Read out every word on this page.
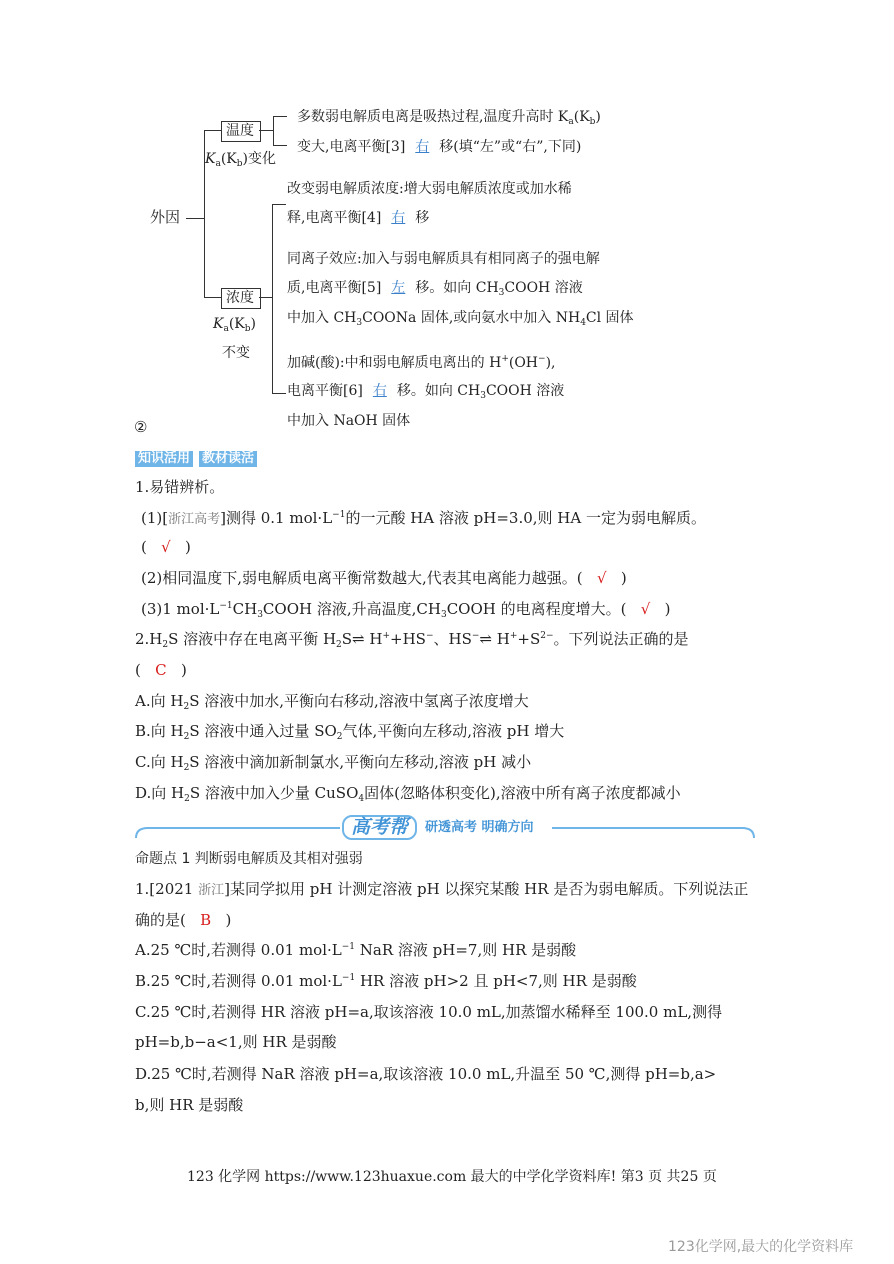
外因
温度
$K_a(K_b)$变化
多数弱电解质电离是吸热过程,温度升高时 $K_a(K_b)$
变大,电离平衡[3] 右 移(填“左”或“右”,下同)
浓度
$K_a(K_b)$
不变
改变弱电解质浓度:增大弱电解质浓度或加水稀
释,电离平衡[4] 右 移
同离子效应:加入与弱电解质具有相同离子的强电解
质,电离平衡[5] 左 移。如向 $CH_3COOH$ 溶液
中加入 $CH_3COONa$ 固体,或向氨水中加入 $NH_4Cl$ 固体
加碱(酸):中和弱电解质电离出的 H+(OH−),
电离平衡[6] 右 移。如向 $CH_3COOH$ 溶液
中加入 NaOH 固体
②
知识活用 教材读活
1.易错辨析。
(1)[浙江高考]测得 0.1 $mol\cdot L^{-1}$的一元酸 HA 溶液 pH=3.0,则 HA 一定为弱电解质。
( √ )
(2)相同温度下,弱电解质电离平衡常数越大,代表其电离能力越强。( √ )
(3)1 $mol\cdot L^{-1}CH_3COOH$ 溶液,升高温度$,CH_3COOH$ 的电离程度增大。( √ )
$2.H_2S$ 溶液中存在电离平衡 $H_2S\rightleftharpoons$ H++HS−、HS−⇌ $H^++S^{2-}$。下列说法正确的是
( C )
A.向 $H_2S$ 溶液中加水,平衡向右移动,溶液中氢离子浓度增大
B.向 $H_2S$ 溶液中通入过量 $SO_2$气体,平衡向左移动,溶液 pH 增大
C.向 $H_2S$ 溶液中滴加新制氯水,平衡向左移动,溶液 pH 减小
D.向 $H_2S$ 溶液中加入少量 CuSO$_4$固体(忽略体积变化),溶液中所有离子浓度都减小
高考帮	研透高考 明确方向
命题点 1 判断弱电解质及其相对强弱
1.[2021 浙江]某同学拟用 pH 计测定溶液 pH 以探究某酸 HR 是否为弱电解质。下列说法正
确的是( B )
A.25 ℃时,若测得 0.01 $mol\cdot L^{-1}$ NaR 溶液 pH=7,则 HR 是弱酸
B.25 ℃时,若测得 0.01 $mol\cdot L^{-1}$ HR 溶液 pH>2 且 pH<7,则 HR 是弱酸
C.25 ℃时,若测得 HR 溶液 pH=a,取该溶液 10.0 mL,加蒸馏水稀释至 100.0 mL,测得
pH=b,b−a<1,则 HR 是弱酸
D.25 ℃时,若测得 NaR 溶液 pH=a,取该溶液 10.0 mL,升温至 50 ℃,测得 pH=b,a>
b,则 HR 是弱酸
123 化学网 https://www.123huaxue.com 最大的中学化学资料库! 第3 页 共25 页
123化学网,最大的化学资料库
